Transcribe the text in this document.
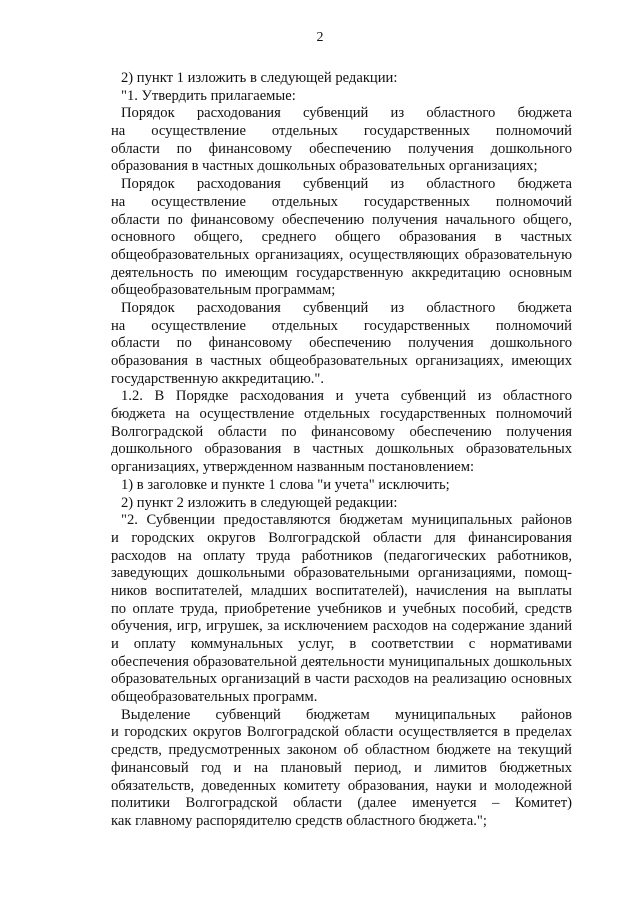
2
2) пункт 1 изложить в следующей редакции:
"1. Утвердить прилагаемые:
Порядок расходования субвенций из областного бюджета
на осуществление отдельных государственных полномочий
области по финансовому обеспечению получения дошкольного
образования в частных дошкольных образовательных организациях;
Порядок расходования субвенций из областного бюджета
на осуществление отдельных государственных полномочий
области по финансовому обеспечению получения начального общего,
основного общего, среднего общего образования в частных
общеобразовательных организациях, осуществляющих образовательную
деятельность по имеющим государственную аккредитацию основным
общеобразовательным программам;
Порядок расходования субвенций из областного бюджета
на осуществление отдельных государственных полномочий
области по финансовому обеспечению получения дошкольного
образования в частных общеобразовательных организациях, имеющих
государственную аккредитацию.".
1.2. В Порядке расходования и учета субвенций из областного
бюджета на осуществление отдельных государственных полномочий
Волгоградской области по финансовому обеспечению получения
дошкольного образования в частных дошкольных образовательных
организациях, утвержденном названным постановлением:
1) в заголовке и пункте 1 слова "и учета" исключить;
2) пункт 2 изложить в следующей редакции:
"2. Субвенции предоставляются бюджетам муниципальных районов
и городских округов Волгоградской области для финансирования
расходов на оплату труда работников (педагогических работников,
заведующих дошкольными образовательными организациями, помощ-
ников воспитателей, младших воспитателей), начисления на выплаты
по оплате труда, приобретение учебников и учебных пособий, средств
обучения, игр, игрушек, за исключением расходов на содержание зданий
и оплату коммунальных услуг, в соответствии с нормативами
обеспечения образовательной деятельности муниципальных дошкольных
образовательных организаций в части расходов на реализацию основных
общеобразовательных программ.
Выделение субвенций бюджетам муниципальных районов
и городских округов Волгоградской области осуществляется в пределах
средств, предусмотренных законом об областном бюджете на текущий
финансовый год и на плановый период, и лимитов бюджетных
обязательств, доведенных комитету образования, науки и молодежной
политики Волгоградской области (далее именуется – Комитет)
как главному распорядителю средств областного бюджета.";
